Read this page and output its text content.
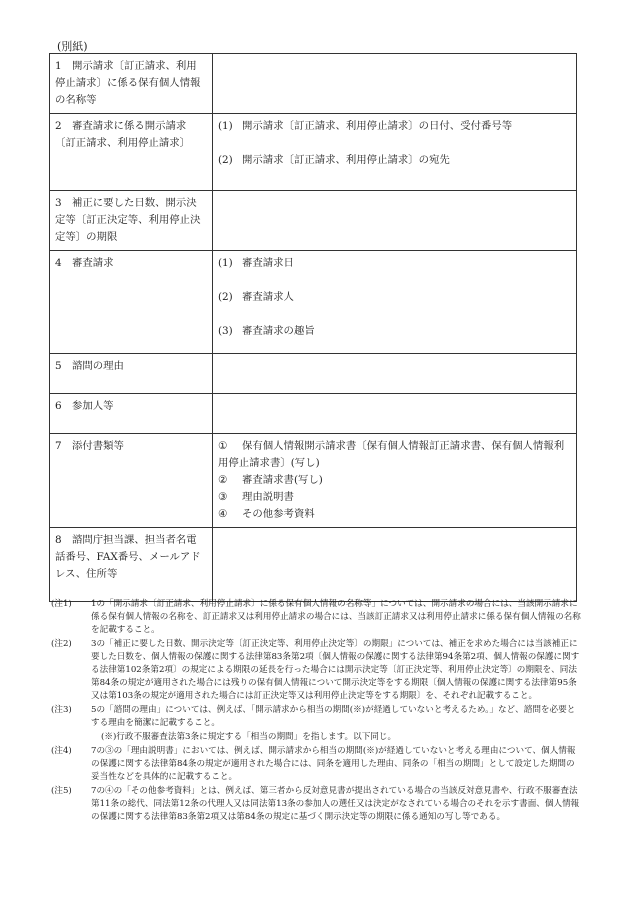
(別紙)
1 開示請求〔訂正請求、利用停止請求〕に係る保有個人情報の名称等	
2 審査請求に係る開示請求〔訂正請求、利用停止請求〕	(1) 開示請求〔訂正請求、利用停止請求〕の日付、受付番号等
(2) 開示請求〔訂正請求、利用停止請求〕の宛先

3 補正に要した日数、開示決定等〔訂正決定等、利用停止決定等〕の期限	
4 審査請求	(1) 審査請求日
(2) 審査請求人
(3) 審査請求の趣旨

5 諮問の理由	
6 参加人等	
7 添付書類等	① 保有個人情報開示請求書〔保有個人情報訂正請求書、保有個人情報利用停止請求書〕(写し)
② 審査請求書(写し)
③ 理由説明書
④ その他参考資料

8 諮問庁担当課、担当者名電話番号、FAX番号、メールアドレス、住所等	
(注1) 1の「開示請求〔訂正請求、利用停止請求〕に係る保有個人情報の名称等」については、開示請求の場合には、当該開示請求に係る保有個人情報の名称を、訂正請求又は利用停止請求の場合には、当該訂正請求又は利用停止請求に係る保有個人情報の名称を記載すること。
(注2) 3の「補正に要した日数、開示決定等〔訂正決定等、利用停止決定等〕の期限」については、補正を求めた場合には当該補正に要した日数を、個人情報の保護に関する法律第83条第2項〔個人情報の保護に関する法律第94条第2項、個人情報の保護に関する法律第102条第2項〕の規定による期限の延長を行った場合には開示決定等〔訂正決定等、利用停止決定等〕の期限を、同法第84条の規定が適用された場合には残りの保有個人情報について開示決定等をする期限〔個人情報の保護に関する法律第95条又は第103条の規定が適用された場合には訂正決定等又は利用停止決定等をする期限〕を、それぞれ記載すること。
(注3) 5の「諮問の理由」については、例えば、「開示請求から相当の期間(※)が経過していないと考えるため。」など、諮問を必要とする理由を簡潔に記載すること。
(※)行政不服審査法第3条に規定する「相当の期間」を指します。以下同じ。
(注4) 7の③の「理由説明書」においては、例えば、開示請求から相当の期間(※)が経過していないと考える理由について、個人情報の保護に関する法律第84条の規定が適用された場合には、同条を適用した理由、同条の「相当の期間」として設定した期間の妥当性などを具体的に記載すること。
(注5) 7の④の「その他参考資料」とは、例えば、第三者から反対意見書が提出されている場合の当該反対意見書や、行政不服審査法第11条の総代、同法第12条の代理人又は同法第13条の参加人の選任又は決定がなされている場合のそれを示す書面、個人情報の保護に関する法律第83条第2項又は第84条の規定に基づく開示決定等の期限に係る通知の写し等である。
